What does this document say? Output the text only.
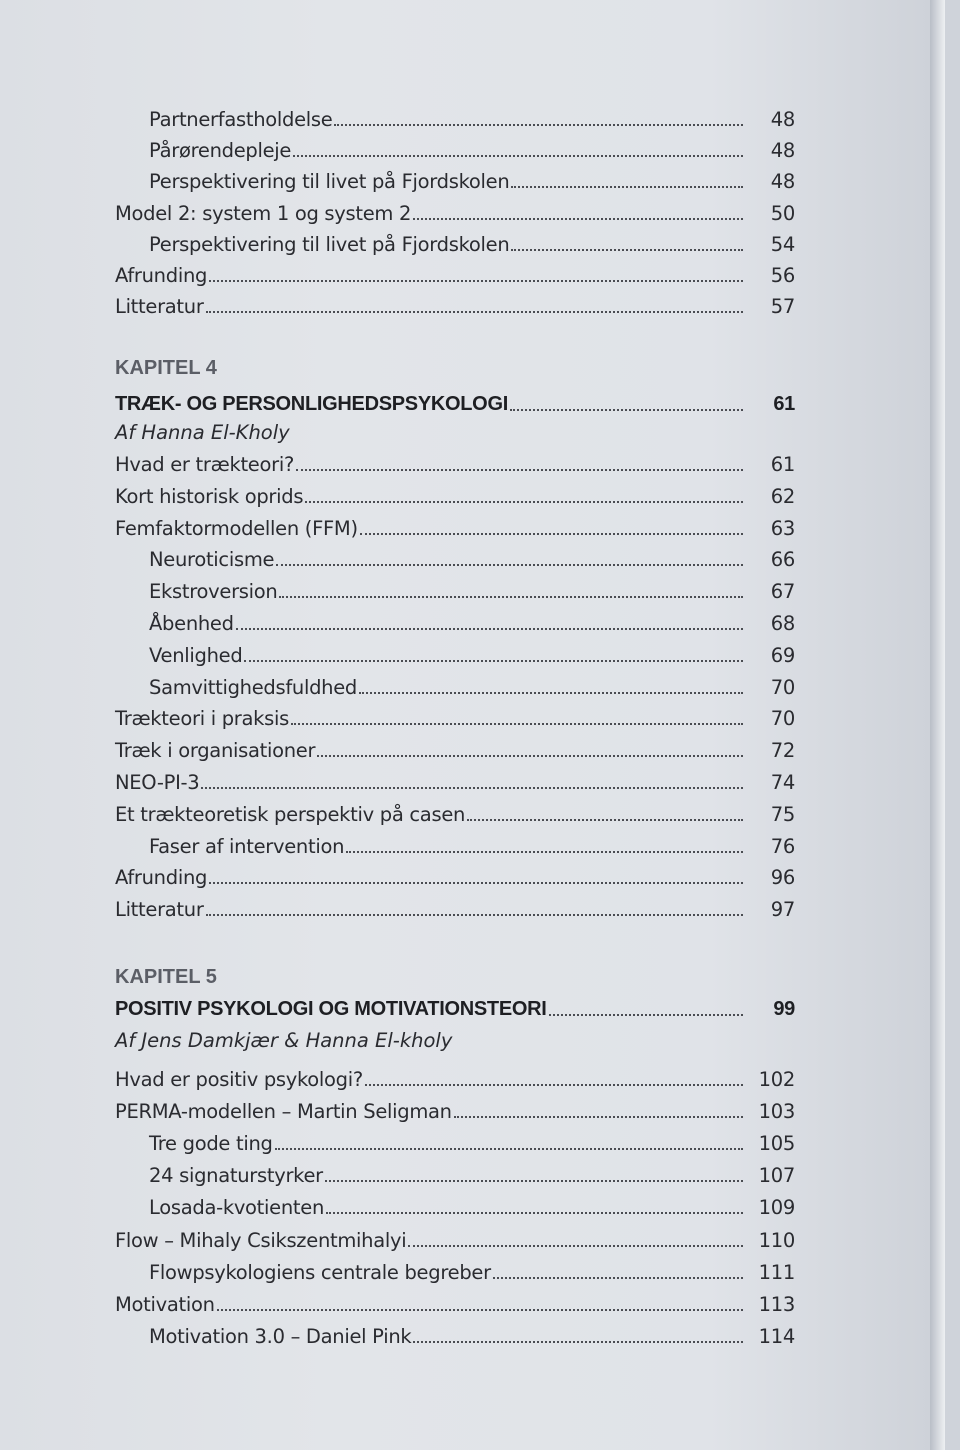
Partnerfastholdelse	48
Pårørendepleje	48
Perspektivering til livet på Fjordskolen	48
Model 2: system 1 og system 2	50
Perspektivering til livet på Fjordskolen	54
Afrunding	56
Litteratur	57
KAPITEL 4
TRÆK- OG PERSONLIGHEDSPSYKOLOGI	61
Af Hanna El-Kholy
Hvad er trækteori?	61
Kort historisk oprids	62
Femfaktormodellen (FFM)	63
Neuroticisme	66
Ekstroversion	67
Åbenhed	68
Venlighed	69
Samvittighedsfuldhed	70
Trækteori i praksis	70
Træk i organisationer	72
NEO-PI-3	74
Et trækteoretisk perspektiv på casen	75
Faser af intervention	76
Afrunding	96
Litteratur	97
KAPITEL 5
POSITIV PSYKOLOGI OG MOTIVATIONSTEORI	99
Af Jens Damkjær & Hanna El-kholy
Hvad er positiv psykologi?	102
PERMA-modellen – Martin Seligman	103
Tre gode ting	105
24 signaturstyrker	107
Losada-kvotienten	109
Flow – Mihaly Csikszentmihalyi	110
Flowpsykologiens centrale begreber	111
Motivation	113
Motivation 3.0 – Daniel Pink	114
